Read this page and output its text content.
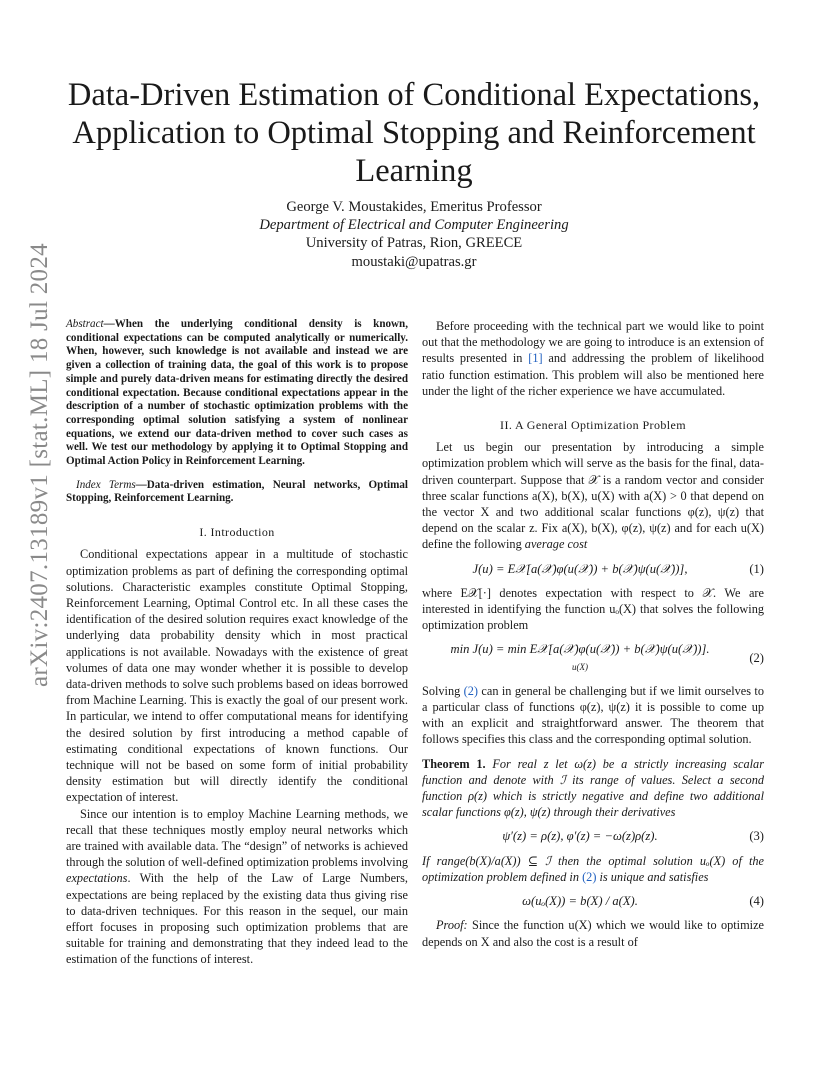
arXiv:2407.13189v1 [stat.ML] 18 Jul 2024
Data-Driven Estimation of Conditional Expectations, Application to Optimal Stopping and Reinforcement Learning
George V. Moustakides, Emeritus Professor
Department of Electrical and Computer Engineering
University of Patras, Rion, GREECE
moustaki@upatras.gr

Abstract—When the underlying conditional density is known, conditional expectations can be computed analytically or numerically. When, however, such knowledge is not available and instead we are given a collection of training data, the goal of this work is to propose simple and purely data-driven means for estimating directly the desired conditional expectation. Because conditional expectations appear in the description of a number of stochastic optimization problems with the corresponding optimal solution satisfying a system of nonlinear equations, we extend our data-driven method to cover such cases as well. We test our methodology by applying it to Optimal Stopping and Optimal Action Policy in Reinforcement Learning.

Index Terms—Data-driven estimation, Neural networks, Optimal Stopping, Reinforcement Learning.

I. Introduction

Conditional expectations appear in a multitude of stochastic optimization problems as part of defining the corresponding optimal solutions. Characteristic examples constitute Optimal Stopping, Reinforcement Learning, Optimal Control etc. In all these cases the identification of the desired solution requires exact knowledge of the underlying data probability density which in most practical applications is not available. Nowadays with the existence of great volumes of data one may wonder whether it is possible to develop data-driven methods to solve such problems based on ideas borrowed from Machine Learning. This is exactly the goal of our present work. In particular, we intend to offer computational means for identifying the desired solution by first introducing a method capable of estimating conditional expectations of known functions. Our technique will not be based on some form of initial probability density estimation but will directly identify the conditional expectation of interest.

Since our intention is to employ Machine Learning methods, we recall that these techniques mostly employ neural networks which are trained with available data. The “design” of networks is achieved through the solution of well-defined optimization problems involving expectations. With the help of the Law of Large Numbers, expectations are being replaced by the existing data thus giving rise to data-driven techniques. For this reason in the sequel, our main effort focuses in proposing such optimization problems that are suitable for training and demonstrating that they indeed lead to the estimation of the functions of interest.

Before proceeding with the technical part we would like to point out that the methodology we are going to introduce is an extension of results presented in [1] and addressing the problem of likelihood ratio function estimation. This problem will also be mentioned here under the light of the richer experience we have accumulated.

II. A General Optimization Problem

Let us begin our presentation by introducing a simple optimization problem which will serve as the basis for the final, data-driven counterpart. Suppose that 𝒳 is a random vector and consider three scalar functions a(X), b(X), u(X) with a(X) > 0 that depend on the vector X and two additional scalar functions φ(z), ψ(z) that depend on the scalar z. Fix a(X), b(X), φ(z), ψ(z) and for each u(X) define the following average cost

J(u) = E𝒳[a(𝒳)φ(u(𝒳)) + b(𝒳)ψ(u(𝒳))],	(1)

where E𝒳[·] denotes expectation with respect to 𝒳. We are interested in identifying the function uₒ(X) that solves the following optimization problem

min J(u) = min E𝒳[a(𝒳)φ(u(𝒳)) + b(𝒳)ψ(u(𝒳))].
u(X)
(2)

Solving (2) can in general be challenging but if we limit ourselves to a particular class of functions φ(z), ψ(z) it is possible to come up with an explicit and straightforward answer. The theorem that follows specifies this class and the corresponding optimal solution.

Theorem 1. For real z let ω(z) be a strictly increasing scalar function and denote with ℐ its range of values. Select a second function ρ(z) which is strictly negative and define two additional scalar functions φ(z), ψ(z) through their derivatives

ψ′(z) = ρ(z), φ′(z) = −ω(z)ρ(z).	(3)

If range(b(X)/a(X)) ⊆ ℐ then the optimal solution uₒ(X) of the optimization problem defined in (2) is unique and satisfies

ω(uₒ(X)) = b(X) / a(X).	(4)

Proof: Since the function u(X) which we would like to optimize depends on X and also the cost is a result of
